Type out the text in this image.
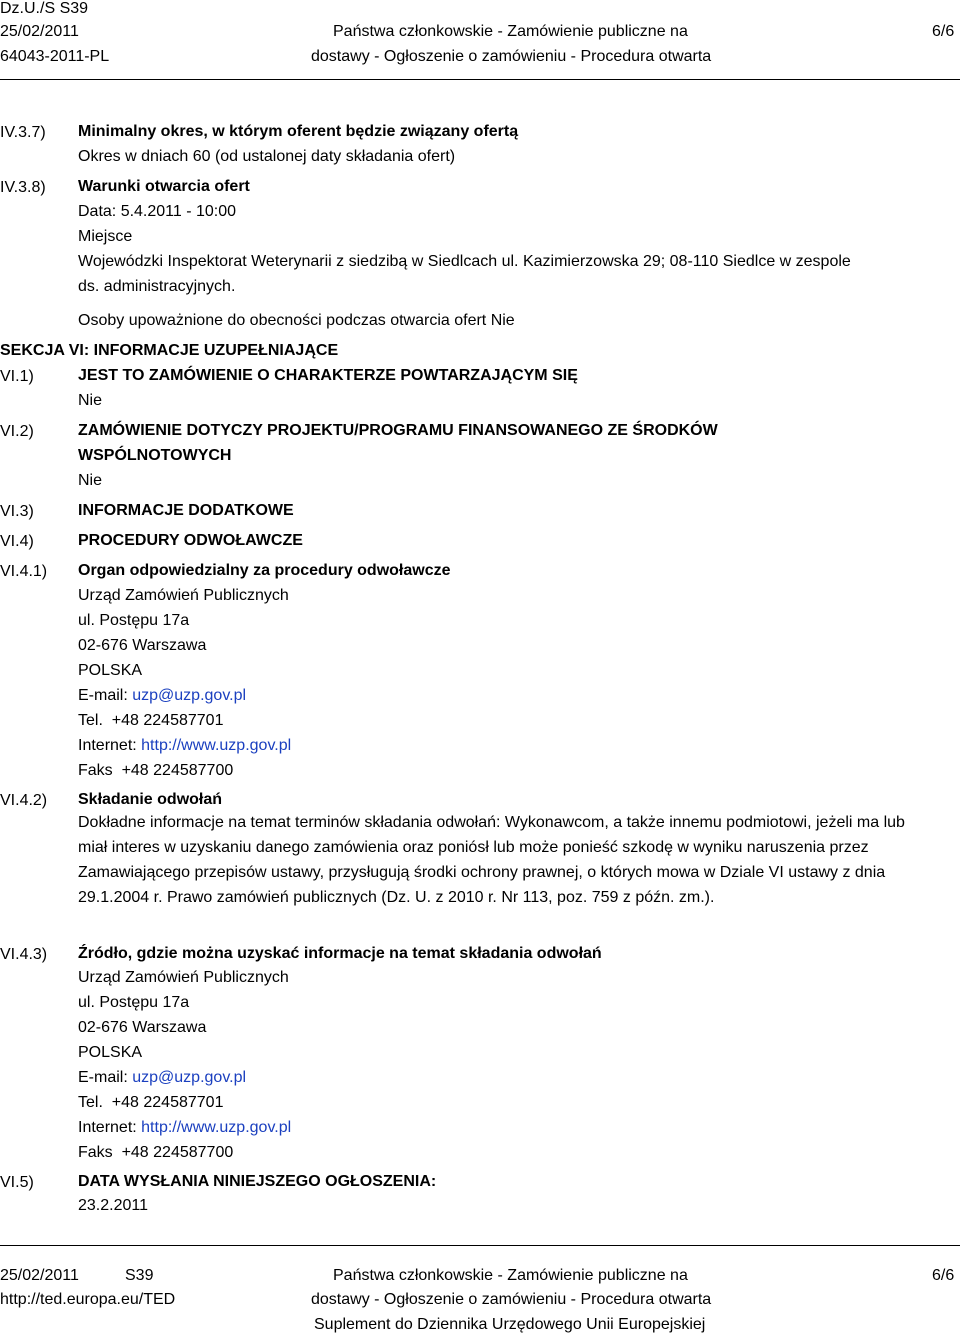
Dz.U./S S39
25/02/2011
64043-2011-PL
Państwa członkowskie - Zamówienie publiczne na
dostawy - Ogłoszenie o zamówieniu - Procedura otwarta
6/6
IV.3.7) Minimalny okres, w którym oferent będzie związany ofertą
Okres w dniach 60 (od ustalonej daty składania ofert)
IV.3.8) Warunki otwarcia ofert
Data: 5.4.2011 - 10:00
Miejsce
Wojewódzki Inspektorat Weterynarii z siedzibą w Siedlcach ul. Kazimierzowska 29; 08-110 Siedlce w zespole
ds. administracyjnych.
Osoby upoważnione do obecności podczas otwarcia ofert Nie
SEKCJA VI: INFORMACJE UZUPEŁNIAJĄCE
VI.1)	JEST TO ZAMÓWIENIE O CHARAKTERZE POWTARZAJĄCYM SIĘ
Nie
VI.2)	ZAMÓWIENIE DOTYCZY PROJEKTU/PROGRAMU FINANSOWANEGO ZE ŚRODKÓW
WSPÓLNOTOWYCH
Nie
VI.3)	INFORMACJE DODATKOWE
VI.4)	PROCEDURY ODWOŁAWCZE
VI.4.1) Organ odpowiedzialny za procedury odwoławcze
Urząd Zamówień Publicznych
ul. Postępu 17a
02-676 Warszawa
POLSKA
E-mail: uzp@uzp.gov.pl
Tel.  +48 224587701
Internet: http://www.uzp.gov.pl
Faks  +48 224587700
VI.4.2) Składanie odwołań
Dokładne informacje na temat terminów składania odwołań: Wykonawcom, a także innemu podmiotowi, jeżeli ma lub miał interes w uzyskaniu danego zamówienia oraz poniósł lub może ponieść szkodę w wyniku naruszenia przez Zamawiającego przepisów ustawy, przysługują środki ochrony prawnej, o których mowa w Dziale VI ustawy z dnia 29.1.2004 r. Prawo zamówień publicznych (Dz. U. z 2010 r. Nr 113, poz. 759 z późn. zm.).
VI.4.3) Źródło, gdzie można uzyskać informacje na temat składania odwołań
Urząd Zamówień Publicznych
ul. Postępu 17a
02-676 Warszawa
POLSKA
E-mail: uzp@uzp.gov.pl
Tel.  +48 224587701
Internet: http://www.uzp.gov.pl
Faks  +48 224587700
VI.5)	DATA WYSŁANIA NINIEJSZEGO OGŁOSZENIA:
23.2.2011
25/02/2011	S39
http://ted.europa.eu/TED
Państwa członkowskie - Zamówienie publiczne na
dostawy - Ogłoszenie o zamówieniu - Procedura otwarta
Suplement do Dziennika Urzędowego Unii Europejskiej
6/6
